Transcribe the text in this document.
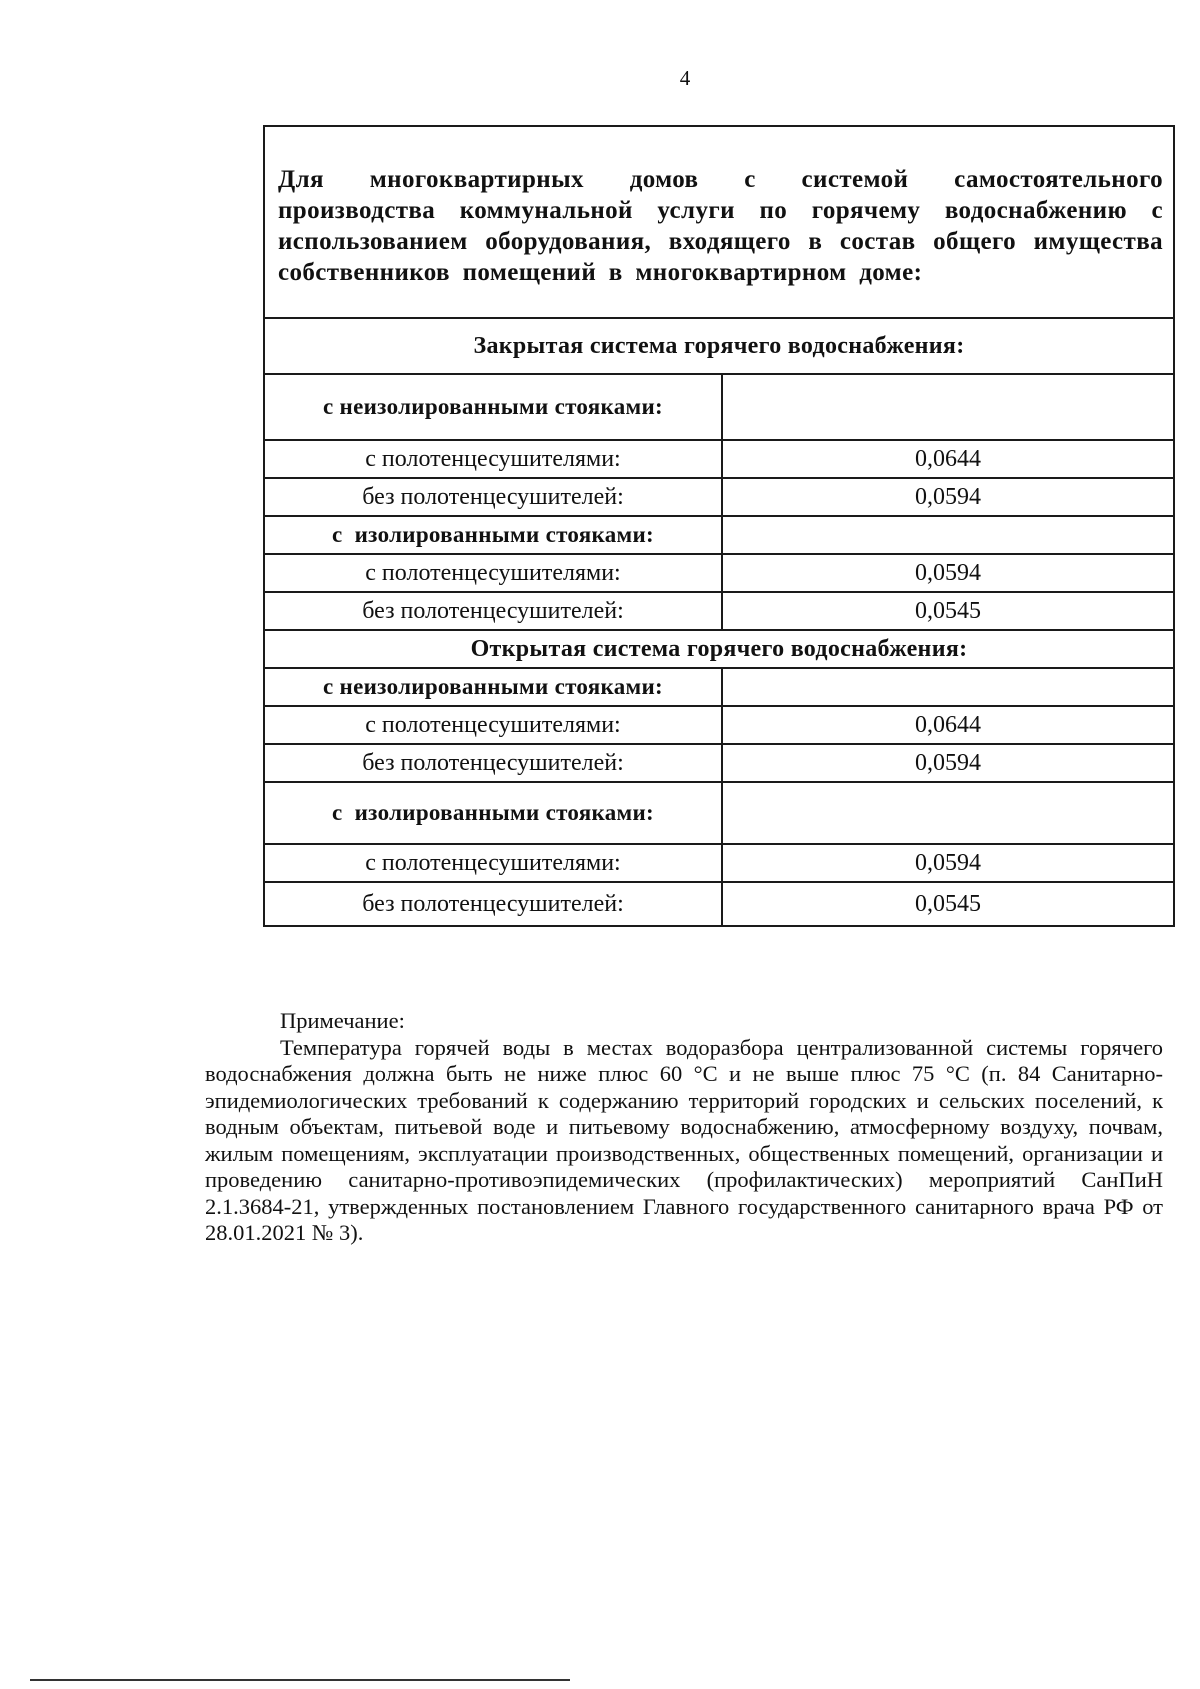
4
Для многоквартирных домов с системой самостоятельного производства коммунальной услуги по горячему водоснабжению с использованием оборудования, входящего в состав общего имущества собственников помещений в многоквартирном доме:	
Закрытая система горячего водоснабжения:	
с неизолированными стояками:	
с полотенцесушителями:	0,0644
без полотенцесушителей:	0,0594
с  изолированными стояками:	
с полотенцесушителями:	0,0594
без полотенцесушителей:	0,0545
Открытая система горячего водоснабжения:	
с неизолированными стояками:	
с полотенцесушителями:	0,0644
без полотенцесушителей:	0,0594
с  изолированными стояками:	
с полотенцесушителями:	0,0594
без полотенцесушителей:	0,0545

Примечание:

Температура горячей воды в местах водоразбора централизованной системы горячего водоснабжения должна быть не ниже плюс 60 °C и не выше плюс 75 °C (п. 84 Санитарно-эпидемиологических требований к содержанию территорий городских и сельских поселений, к водным объектам, питьевой воде и питьевому водоснабжению, атмосферному воздуху, почвам, жилым помещениям, эксплуатации производственных, общественных помещений, организации и проведению санитарно-противоэпидемических (профилактических) мероприятий СанПиН 2.1.3684-21, утвержденных постановлением Главного государственного санитарного врача РФ от 28.01.2021 № 3).
